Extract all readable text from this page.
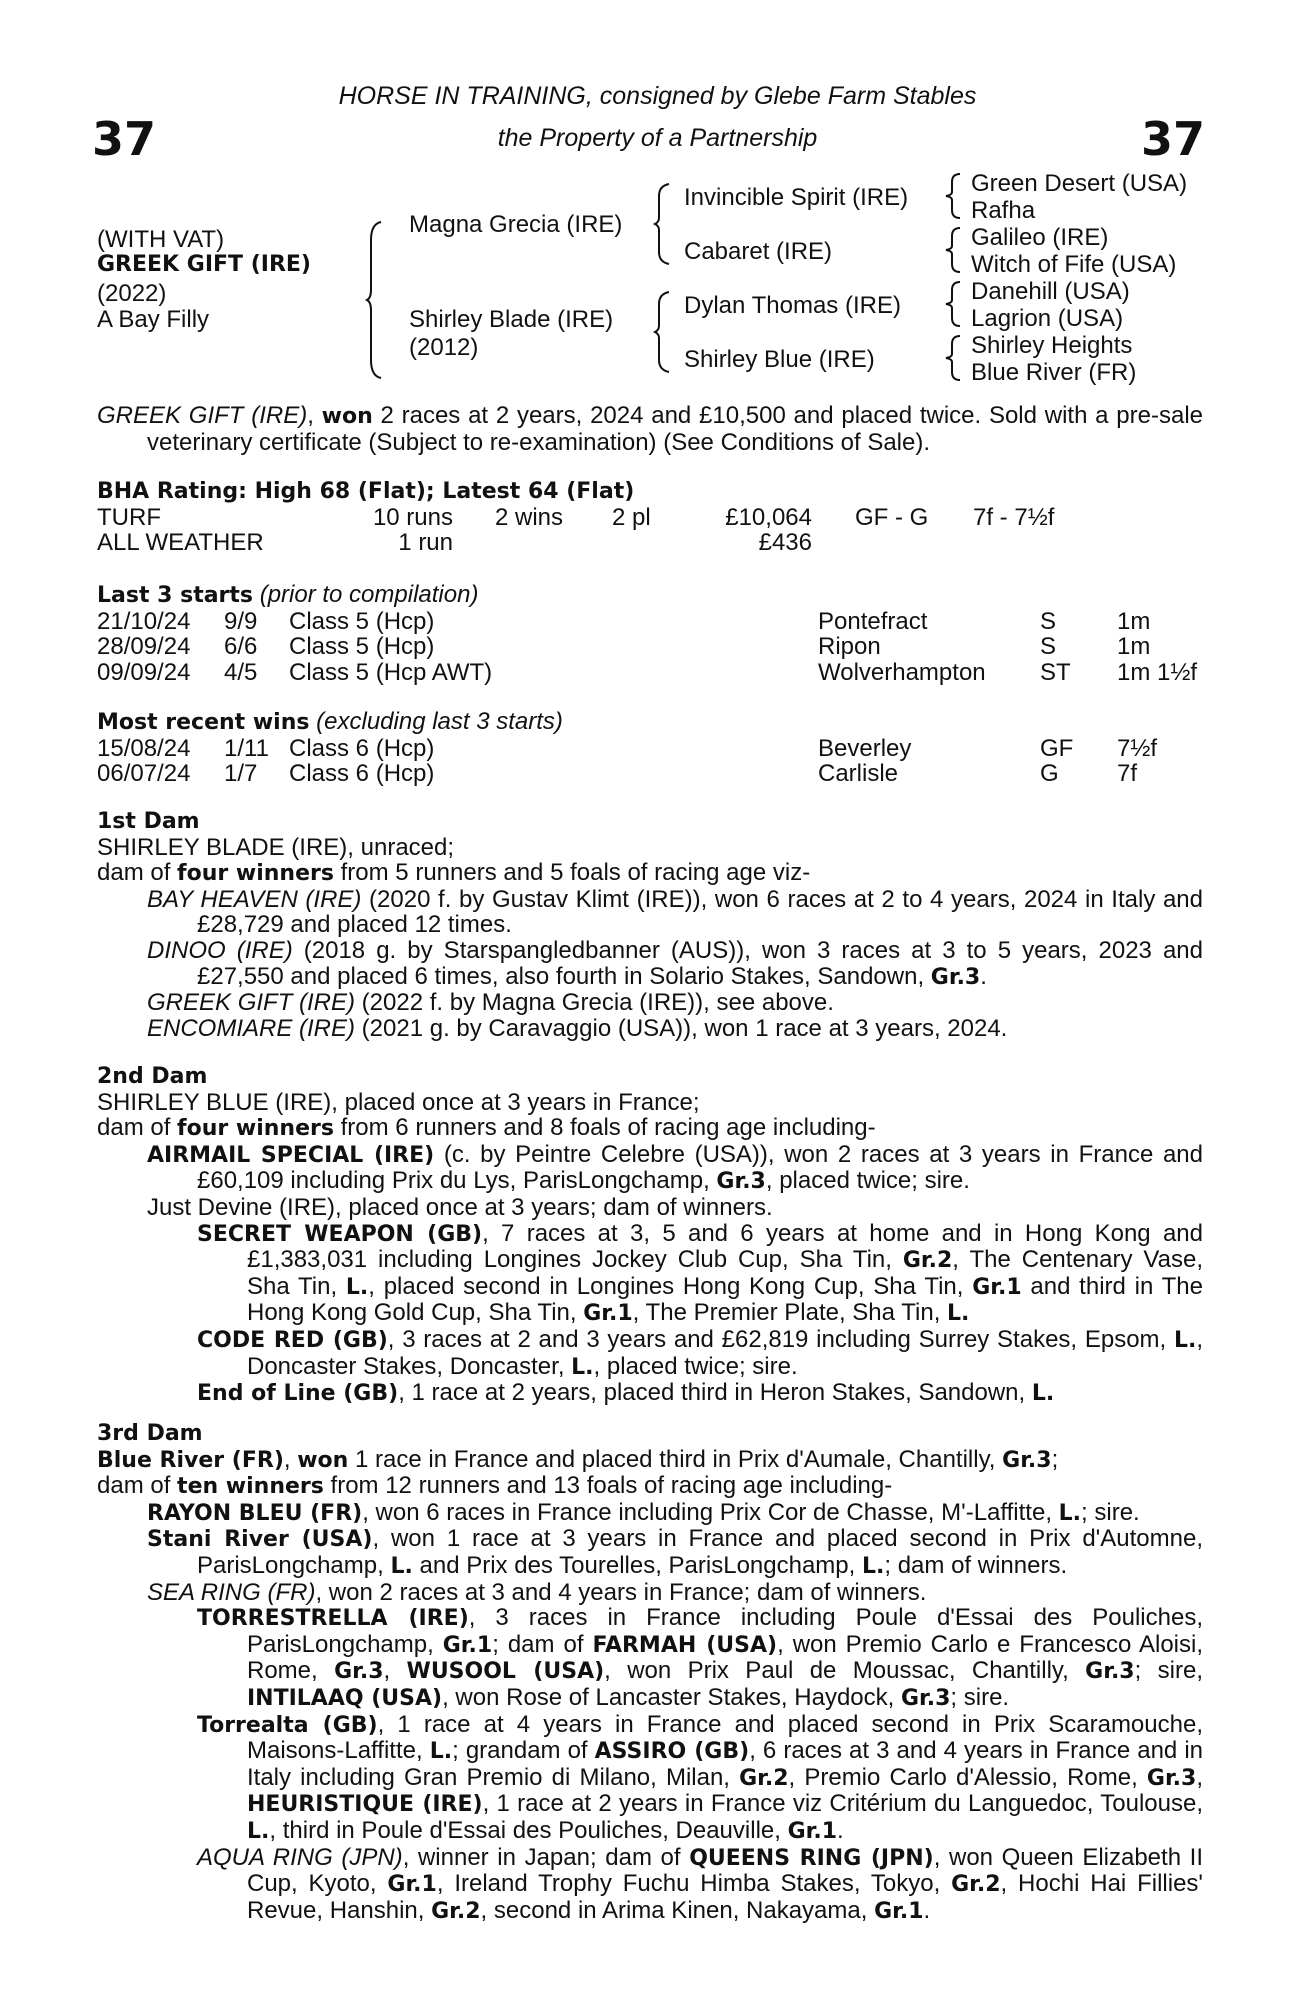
37	37
HORSE IN TRAINING, consigned by Glebe Farm Stables
the Property of a Partnership
(WITH VAT)
GREEK GIFT (IRE)
(2022)
A Bay Filly
Magna Grecia (IRE)
Shirley Blade (IRE)
(2012)
Invincible Spirit (IRE)
Cabaret (IRE)
Dylan Thomas (IRE)
Shirley Blue (IRE)
Green Desert (USA)
Rafha
Galileo (IRE)
Witch of Fife (USA)
Danehill (USA)
Lagrion (USA)
Shirley Heights
Blue River (FR)
GREEK GIFT (IRE), won 2 races at 2 years, 2024 and £10,500 and placed twice. Sold with a pre-sale veterinary certificate (Subject to re-examination) (See Conditions of Sale).
BHA Rating: High 68 (Flat); Latest 64 (Flat)
TURF	10 runs 2 wins 2 pl	£10,064 GF - G 7f - 7½f
ALL WEATHER	1 run	£436
Last 3 starts (prior to compilation)
21/10/24 9/9 Class 5 (Hcp)	Pontefract	S	1m
28/09/24 6/6 Class 5 (Hcp)	Ripon	S	1m
09/09/24 4/5 Class 5 (Hcp AWT)	Wolverhampton ST 1m 1½f
Most recent wins (excluding last 3 starts)
15/08/24 1/11 Class 6 (Hcp)	Beverley	GF 7½f
06/07/24 1/7 Class 6 (Hcp)	Carlisle	G 7f
1st Dam
SHIRLEY BLADE (IRE), unraced;
dam of four winners from 5 runners and 5 foals of racing age viz-
BAY HEAVEN (IRE) (2020 f. by Gustav Klimt (IRE)), won 6 races at 2 to 4 years, 2024 in Italy and £28,729 and placed 12 times.
DINOO (IRE) (2018 g. by Starspangledbanner (AUS)), won 3 races at 3 to 5 years, 2023 and £27,550 and placed 6 times, also fourth in Solario Stakes, Sandown, Gr.3.
GREEK GIFT (IRE) (2022 f. by Magna Grecia (IRE)), see above.
ENCOMIARE (IRE) (2021 g. by Caravaggio (USA)), won 1 race at 3 years, 2024.
2nd Dam
SHIRLEY BLUE (IRE), placed once at 3 years in France;
dam of four winners from 6 runners and 8 foals of racing age including-
AIRMAIL SPECIAL (IRE) (c. by Peintre Celebre (USA)), won 2 races at 3 years in France and £60,109 including Prix du Lys, ParisLongchamp, Gr.3, placed twice; sire.
Just Devine (IRE), placed once at 3 years; dam of winners.
SECRET WEAPON (GB), 7 races at 3, 5 and 6 years at home and in Hong Kong and £1,383,031 including Longines Jockey Club Cup, Sha Tin, Gr.2, The Centenary Vase, Sha Tin, L., placed second in Longines Hong Kong Cup, Sha Tin, Gr.1 and third in The Hong Kong Gold Cup, Sha Tin, Gr.1, The Premier Plate, Sha Tin, L.
CODE RED (GB), 3 races at 2 and 3 years and £62,819 including Surrey Stakes, Epsom, L., Doncaster Stakes, Doncaster, L., placed twice; sire.
End of Line (GB), 1 race at 2 years, placed third in Heron Stakes, Sandown, L.
3rd Dam
Blue River (FR), won 1 race in France and placed third in Prix d'Aumale, Chantilly, Gr.3;
dam of ten winners from 12 runners and 13 foals of racing age including-
RAYON BLEU (FR), won 6 races in France including Prix Cor de Chasse, M'-Laffitte, L.; sire.
Stani River (USA), won 1 race at 3 years in France and placed second in Prix d'Automne, ParisLongchamp, L. and Prix des Tourelles, ParisLongchamp, L.; dam of winners.
SEA RING (FR), won 2 races at 3 and 4 years in France; dam of winners.
TORRESTRELLA (IRE), 3 races in France including Poule d'Essai des Pouliches, ParisLongchamp, Gr.1; dam of FARMAH (USA), won Premio Carlo e Francesco Aloisi, Rome, Gr.3, WUSOOL (USA), won Prix Paul de Moussac, Chantilly, Gr.3; sire, INTILAAQ (USA), won Rose of Lancaster Stakes, Haydock, Gr.3; sire.
Torrealta (GB), 1 race at 4 years in France and placed second in Prix Scaramouche, Maisons-Laffitte, L.; grandam of ASSIRO (GB), 6 races at 3 and 4 years in France and in Italy including Gran Premio di Milano, Milan, Gr.2, Premio Carlo d'Alessio, Rome, Gr.3, HEURISTIQUE (IRE), 1 race at 2 years in France viz Critérium du Languedoc, Toulouse, L., third in Poule d'Essai des Pouliches, Deauville, Gr.1.
AQUA RING (JPN), winner in Japan; dam of QUEENS RING (JPN), won Queen Elizabeth II Cup, Kyoto, Gr.1, Ireland Trophy Fuchu Himba Stakes, Tokyo, Gr.2, Hochi Hai Fillies' Revue, Hanshin, Gr.2, second in Arima Kinen, Nakayama, Gr.1.
